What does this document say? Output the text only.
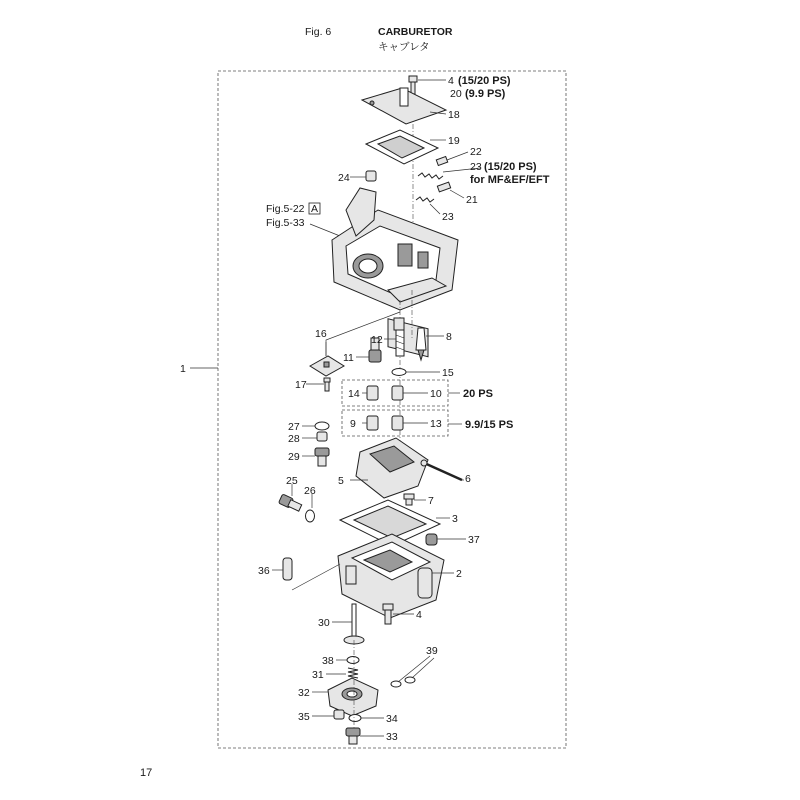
Fig. 6	CARBURETOR
キャブレタ
1
4 (15/20 PS)
20 (9.9 PS)
18
19
22
23 (15/20 PS)
for MF&EF/EFT
21
23
24
Fig.5-22 A
Fig.5-33
16
17
11
12	8
15
20 PS
14	10
9.9/15 PS
9	13
27
28
29
5	6
7
25
26
3
37
2
36
4
30
38
31
39
32
35	34
33
17
